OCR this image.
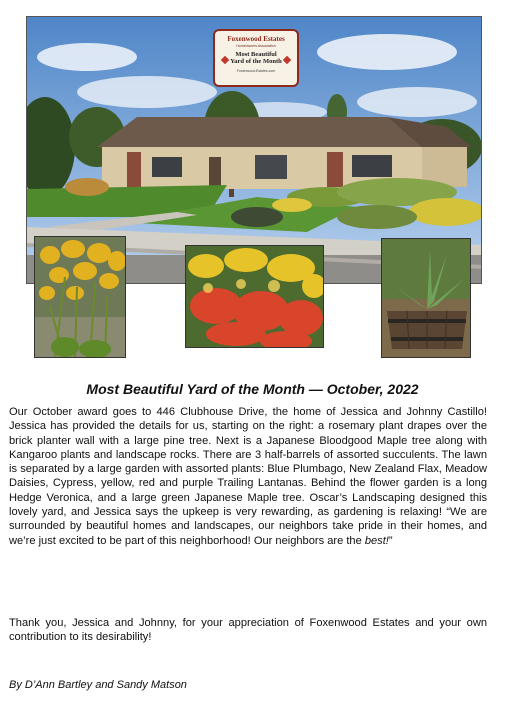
Foxenwood Estates
Homeowners Association
Most Beautiful
Yard of the Month
Foxenwood-Estates.com
Most Beautiful Yard of the Month — October, 2022

Our October award goes to 446 Clubhouse Drive, the home of Jessica and Johnny Castillo! Jessica has provided the details for us, starting on the right: a rosemary plant drapes over the brick planter wall with a large pine tree. Next is a Japanese Bloodgood Maple tree along with Kangaroo plants and landscape rocks. There are 3 half-barrels of assorted succulents. The lawn is separated by a large garden with assorted plants: Blue Plumbago, New Zealand Flax, Meadow Daisies, Cypress, yellow, red and purple Trailing Lantanas. Behind the flower garden is a long Hedge Veronica, and a large green Japanese Maple tree. Oscar’s Landscaping designed this lovely yard, and Jessica says the upkeep is very rewarding, as gardening is relaxing! “We are surrounded by beautiful homes and landscapes, our neighbors take pride in their homes, and we’re just excited to be part of this neighborhood! Our neighbors are the best!”

Thank you, Jessica and Johnny, for your appreciation of Foxenwood Estates and your own contribution to its desirability!

By D’Ann Bartley and Sandy Matson
